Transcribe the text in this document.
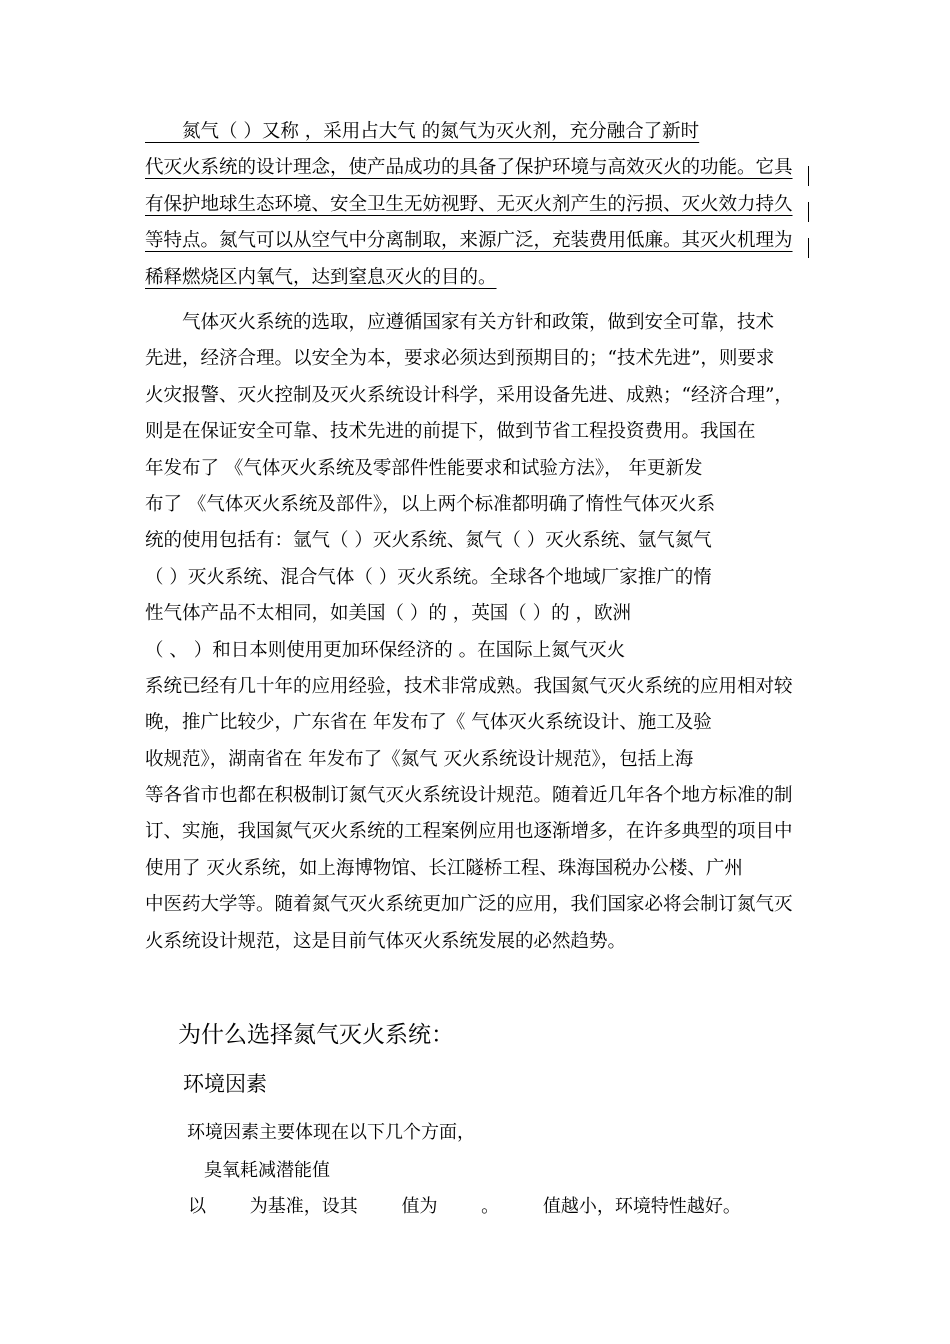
　　氮气（ ）又称 ，采用占大气 的氮气为灭火剂，充分融合了新时
代灭火系统的设计理念，使产品成功的具备了保护环境与高效灭火的功能。它具
有保护地球生态环境、安全卫生无妨视野、无灭火剂产生的污损、灭火效力持久
等特点。氮气可以从空气中分离制取，来源广泛，充装费用低廉。其灭火机理为
稀释燃烧区内氧气，达到窒息灭火的目的。
　　气体灭火系统的选取，应遵循国家有关方针和政策，做到安全可靠，技术
先进，经济合理。以安全为本，要求必须达到预期目的；“技术先进”，则要求
火灾报警、灭火控制及灭火系统设计科学，采用设备先进、成熟；“经济合理”，
则是在保证安全可靠、技术先进的前提下，做到节省工程投资费用。我国在
年发布了 《气体灭火系统及零部件性能要求和试验方法》， 年更新发
布了 《气体灭火系统及部件》，以上两个标准都明确了惰性气体灭火系
统的使用包括有：氩气（ ）灭火系统、氮气（ ）灭火系统、氩气氮气
（ ）灭火系统、混合气体（ ）灭火系统。全球各个地域厂家推广的惰
性气体产品不太相同，如美国（ ）的 ，英国（ ）的 ，欧洲
（ 、 ）和日本则使用更加环保经济的 。在国际上氮气灭火
系统已经有几十年的应用经验，技术非常成熟。我国氮气灭火系统的应用相对较
晚，推广比较少，广东省在 年发布了《 气体灭火系统设计、施工及验
收规范》，湖南省在 年发布了《氮气 灭火系统设计规范》，包括上海
等各省市也都在积极制订氮气灭火系统设计规范。随着近几年各个地方标准的制
订、实施，我国氮气灭火系统的工程案例应用也逐渐增多，在许多典型的项目中
使用了 灭火系统，如上海博物馆、长江隧桥工程、珠海国税办公楼、广州
中医药大学等。随着氮气灭火系统更加广泛的应用，我们国家必将会制订氮气灭
火系统设计规范，这是目前气体灭火系统发展的必然趋势。
为什么选择氮气灭火系统：
环境因素

环境因素主要体现在以下几个方面，

臭氧耗减潜能值

以 为基准，设其 值为 。 值越小，环境特性越好。
